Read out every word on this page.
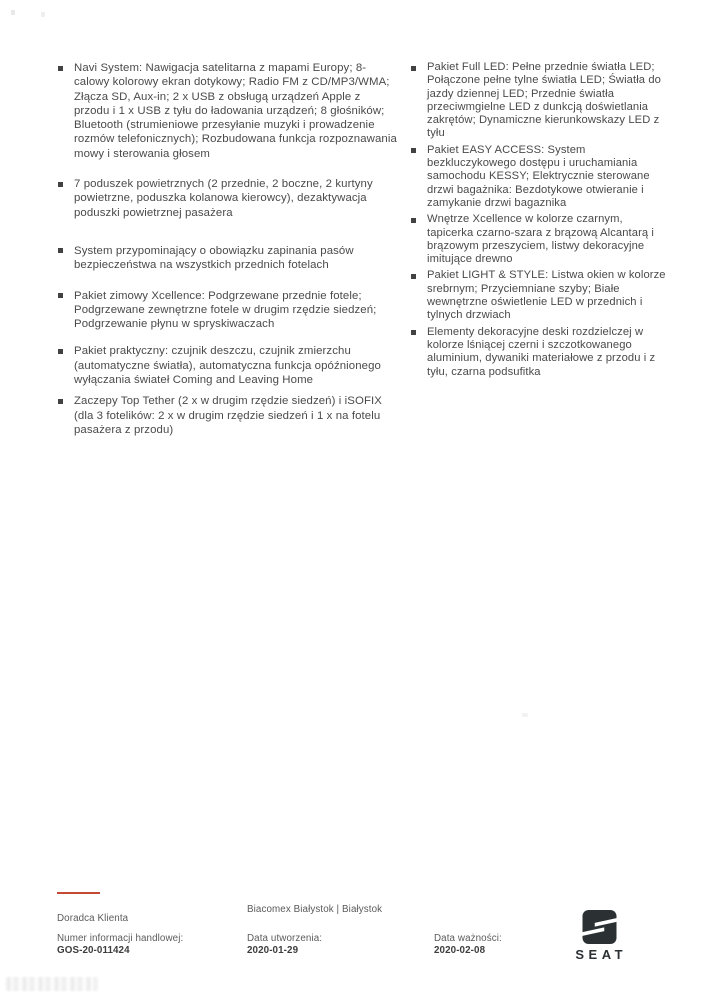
Navi System: Nawigacja satelitarna z mapami Europy; 8-calowy kolorowy ekran dotykowy; Radio FM z CD/MP3/WMA; Złącza SD, Aux-in; 2 x USB z obsługą urządzeń Apple z przodu i 1 x USB z tyłu do ładowania urządzeń; 8 głośników; Bluetooth (strumieniowe przesyłanie muzyki i prowadzenie rozmów telefonicznych); Rozbudowana funkcja rozpoznawania mowy i sterowania głosem
7 poduszek powietrznych (2 przednie, 2 boczne, 2 kurtyny powietrzne, poduszka kolanowa kierowcy), dezaktywacja poduszki powietrznej pasażera
System przypominający o obowiązku zapinania pasów bezpieczeństwa na wszystkich przednich fotelach
Pakiet zimowy Xcellence: Podgrzewane przednie fotele; Podgrzewane zewnętrzne fotele w drugim rzędzie siedzeń; Podgrzewanie płynu w spryskiwaczach
Pakiet praktyczny: czujnik deszczu, czujnik zmierzchu (automatyczne światła), automatyczna funkcja opóźnionego wyłączania świateł Coming and Leaving Home
Zaczepy Top Tether (2 x w drugim rzędzie siedzeń) i iSOFIX (dla 3 fotelików: 2 x w drugim rzędzie siedzeń i 1 x na fotelu pasażera z przodu)
Pakiet Full LED: Pełne przednie światła LED; Połączone pełne tylne światła LED; Światła do jazdy dziennej LED; Przednie światła przeciwmgielne LED z dunkcją doświetlania zakrętów; Dynamiczne kierunkowskazy LED z tyłu
Pakiet EASY ACCESS: System bezkluczykowego dostępu i uruchamiania samochodu KESSY; Elektrycznie sterowane drzwi bagażnika: Bezdotykowe otwieranie i zamykanie drzwi bagaznika
Wnętrze Xcellence w kolorze czarnym, tapicerka czarno-szara z brązową Alcantarą i brązowym przeszyciem, listwy dekoracyjne imitujące drewno
Pakiet LIGHT & STYLE: Listwa okien w kolorze srebrnym; Przyciemniane szyby; Białe wewnętrzne oświetlenie LED w przednich i tylnych drzwiach
Elementy dekoracyjne deski rozdzielczej w kolorze lśniącej czerni i szczotkowanego aluminium, dywaniki materiałowe z przodu i z tyłu, czarna podsufitka
Doradca Klienta
Biacomex Białystok | Białystok
Numer informacji handlowej:
GOS-20-011424
Data utworzenia:
2020-01-29
Data ważności:
2020-02-08	SEAT
